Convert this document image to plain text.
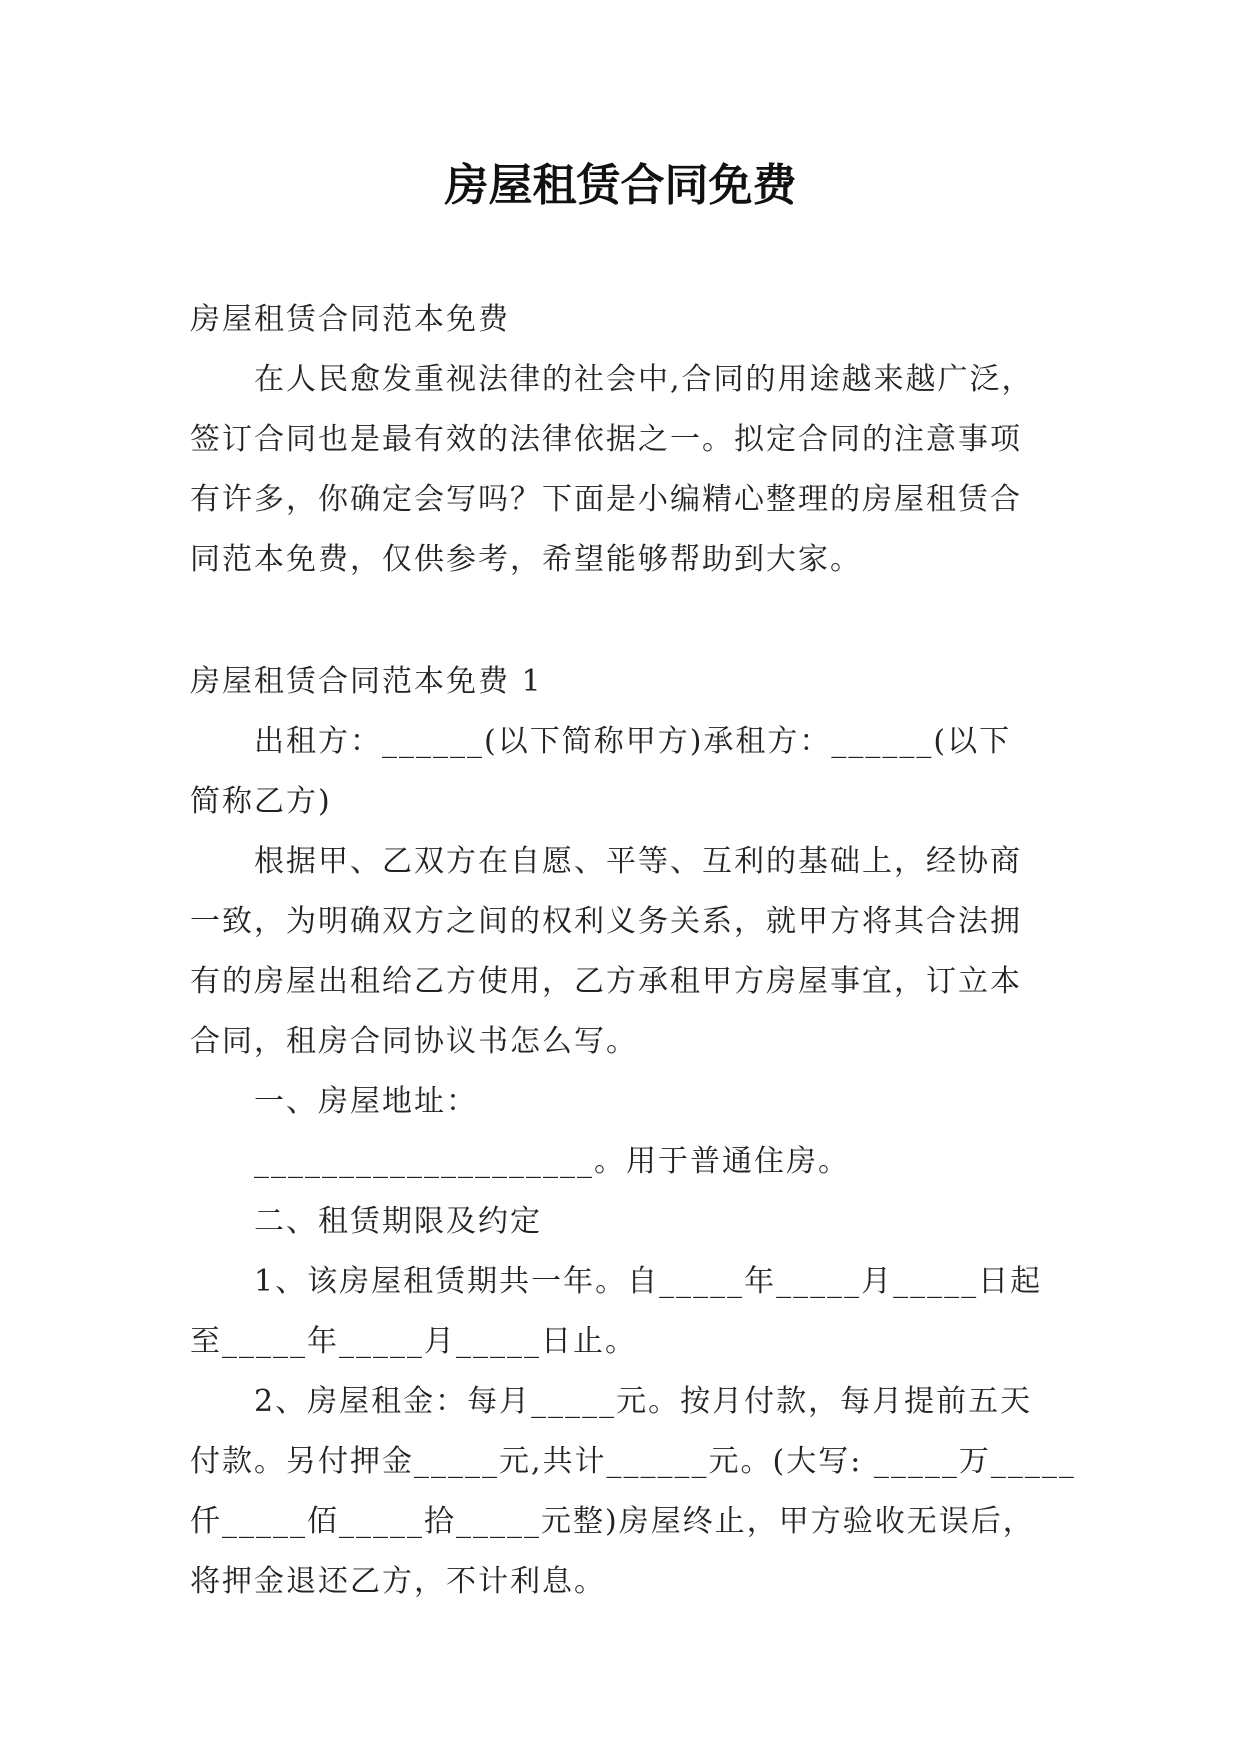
房屋租赁合同免费
房屋租赁合同范本免费
在人民愈发重视法律的社会中,合同的用途越来越广泛，
签订合同也是最有效的法律依据之一。拟定合同的注意事项
有许多，你确定会写吗？下面是小编精心整理的房屋租赁合
同范本免费，仅供参考，希望能够帮助到大家。
房屋租赁合同范本免费 1
出租方：______(以下简称甲方)承租方：______(以下
简称乙方)
根据甲、乙双方在自愿、平等、互利的基础上，经协商
一致，为明确双方之间的权利义务关系，就甲方将其合法拥
有的房屋出租给乙方使用，乙方承租甲方房屋事宜，订立本
合同，租房合同协议书怎么写。
一、房屋地址：
____________________。用于普通住房。
二、租赁期限及约定
1、该房屋租赁期共一年。自_____年_____月_____日起
至_____年_____月_____日止。
2、房屋租金：每月_____元。按月付款，每月提前五天
付款。另付押金_____元,共计______元。(大写: _____万_____
仟_____佰_____拾_____元整)房屋终止，甲方验收无误后，
将押金退还乙方，不计利息。
